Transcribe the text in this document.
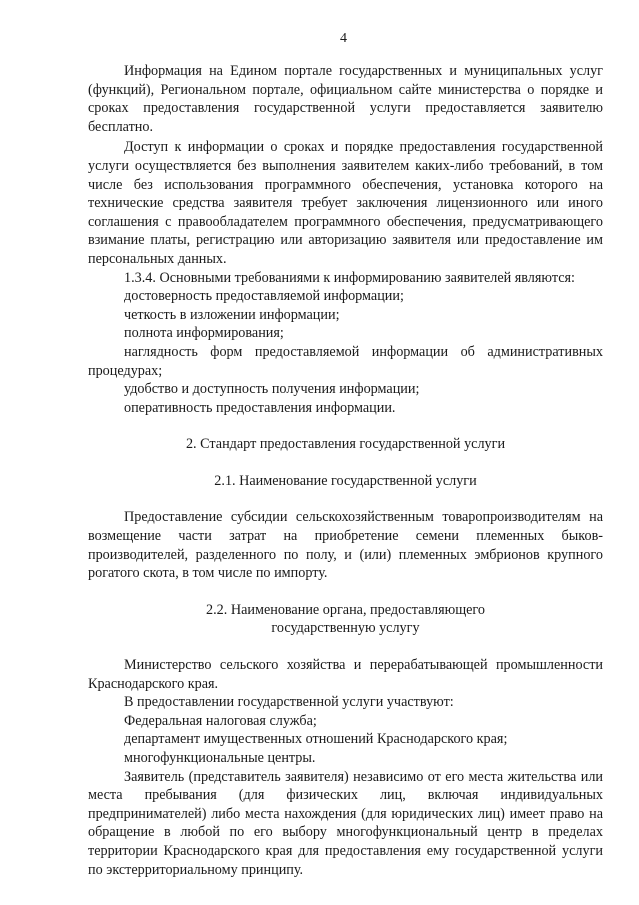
4

Информация на Едином портале государственных и муниципальных услуг (функций), Региональном портале, официальном сайте министерства о порядке и сроках предоставления государственной услуги предоставляется заявителю бесплатно.

Доступ к информации о сроках и порядке предоставления государственной услуги осуществляется без выполнения заявителем каких-либо требований, в том числе без использования программного обеспечения, установка которого на технические средства заявителя требует заключения лицензионного или иного соглашения с правообладателем программного обеспечения, предусматривающего взимание платы, регистрацию или авторизацию заявителя или предоставление им персональных данных.

1.3.4. Основными требованиями к информированию заявителей являются:

достоверность предоставляемой информации;

четкость в изложении информации;

полнота информирования;

наглядность форм предоставляемой информации об административных процедурах;

удобство и доступность получения информации;

оперативность предоставления информации.

2. Стандарт предоставления государственной услуги

2.1. Наименование государственной услуги

Предоставление субсидии сельскохозяйственным товаропроизводителям на возмещение части затрат на приобретение семени племенных быков-производителей, разделенного по полу, и (или) племенных эмбрионов крупного рогатого скота, в том числе по импорту.

2.2. Наименование органа, предоставляющего

государственную услугу

Министерство сельского хозяйства и перерабатывающей промышленности Краснодарского края.

В предоставлении государственной услуги участвуют:

Федеральная налоговая служба;

департамент имущественных отношений Краснодарского края;

многофункциональные центры.

Заявитель (представитель заявителя) независимо от его места жительства или места пребывания (для физических лиц, включая индивидуальных предпринимателей) либо места нахождения (для юридических лиц) имеет право на обращение в любой по его выбору многофункциональный центр в пределах территории Краснодарского края для предоставления ему государственной услуги по экстерриториальному принципу.
